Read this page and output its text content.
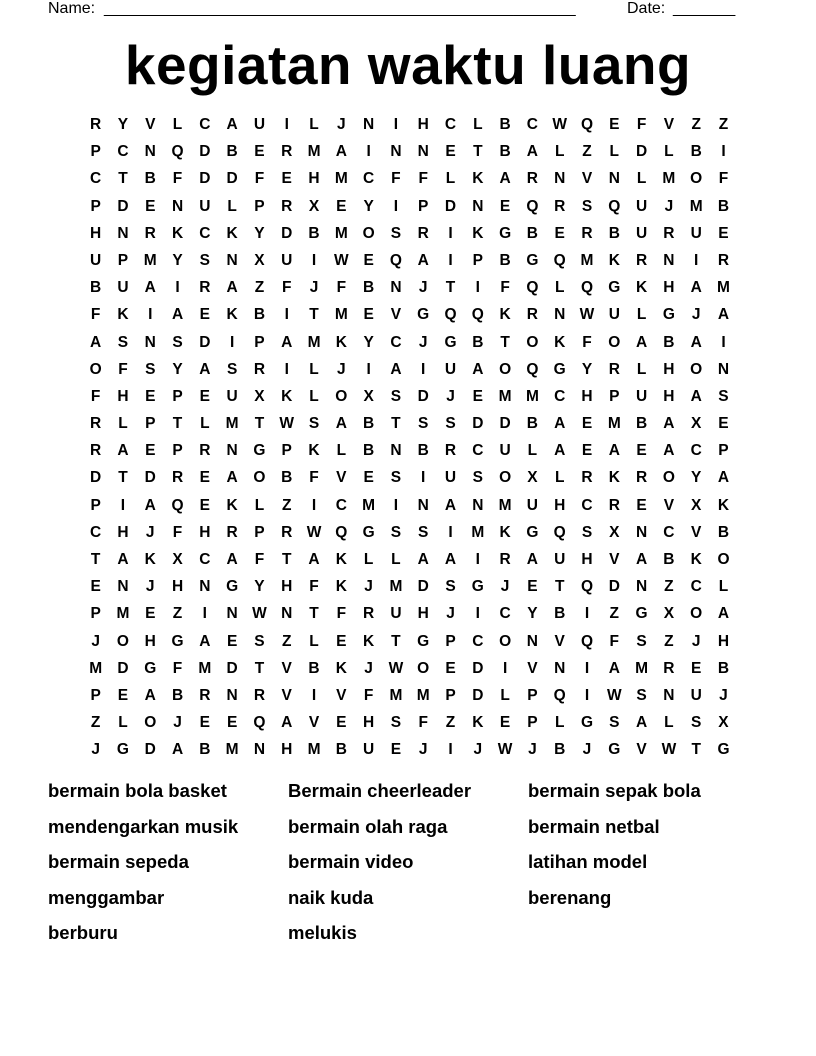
Name: _____________________________________________________	Date: _______
kegiatan waktu luang
R	Y	V	L	C	A	U	I	L	J	N	I	H	C	L	B	C W Q	E	F	V	Z	Z
P	C	N	Q	D	B	E	R M A	I	N	N	E	T	B	A	L	Z	L	D	L	B	I
C	T	B	F	D	D	F	E	H M C	F	F	L	K	A	R	N	V	N	L	M O	F
P	D	E	N	U	L	P	R	X	E	Y	I	P	D	N	E	Q	R	S	Q	U	J	M B
H	N	R	K	C	K	Y	D	B M O	S	R	I	K	G	B	E	R	B	U	R	U	E
U	P	M	Y	S	N	X	U	I	W E	Q	A	I	P	B	G Q M K	R	N	I	R
B	U	A	I	R	A	Z	F	J	F	B	N	J	T	I	F	Q	L	Q G	K	H	A M
F	K	I	A	E	K	B	I	T	M	E	V	G Q Q	K	R	N W U	L	G	J	A
A	S	N	S	D	I	P	A M K	Y	C	J	G	B	T	O	K	F	O	A	B	A	I
O	F	S	Y	A	S	R	I	L	J	I	A	I	U	A	O Q G	Y	R	L	H	O	N
F	H	E	P	E	U	X	K	L	O	X	S	D	J	E	M M C	H	P	U	H	A	S
R	L	P	T	L	M	T W S	A	B	T	S	S	D	D	B	A	E	M B	A	X	E
R	A	E	P	R	N	G	P	K	L	B	N	B	R	C	U	L	A	E	A	E	A	C	P
D	T	D	R	E	A	O	B	F	V	E	S	I	U	S	O	X	L	R	K	R	O	Y	A
P	I	A	Q	E	K	L	Z	I	C M	I	N	A	N M U	H	C	R	E	V	X	K
C	H	J	F	H	R	P	R W Q G	S	S	I	M K	G Q	S	X	N	C	V	B
T	A	K	X	C	A	F	T	A	K	L	L	A	A	I	R	A	U	H	V	A	B	K	O
E	N	J	H	N	G	Y	H	F	K	J	M D	S	G	J	E	T	Q	D	N	Z	C	L
P	M	E	Z	I	N W N	T	F	R	U	H	J	I	C	Y	B	I	Z	G	X	O	A
J	O	H	G	A	E	S	Z	L	E	K	T	G	P	C	O	N	V	Q	F	S	Z	J	H
M D	G	F	M D	T	V	B	K	J	W O	E	D	I	V	N	I	A M R	E	B
P	E	A	B	R	N	R	V	I	V	F	M M	P	D	L	P	Q	I	W S	N	U	J
Z	L	O	J	E	E	Q	A	V	E	H	S	F	Z	K	E	P	L	G	S	A	L	S	X
J	G	D	A	B M N	H M B	U	E	J	I	J	W	J	B	J	G	V W T	G
bermain bola basket	Bermain cheerleader	bermain sepak bola
mendengarkan musik	bermain olah raga	bermain netbal
bermain sepeda	bermain video	latihan model
menggambar	naik kuda	berenang
berburu	melukis
